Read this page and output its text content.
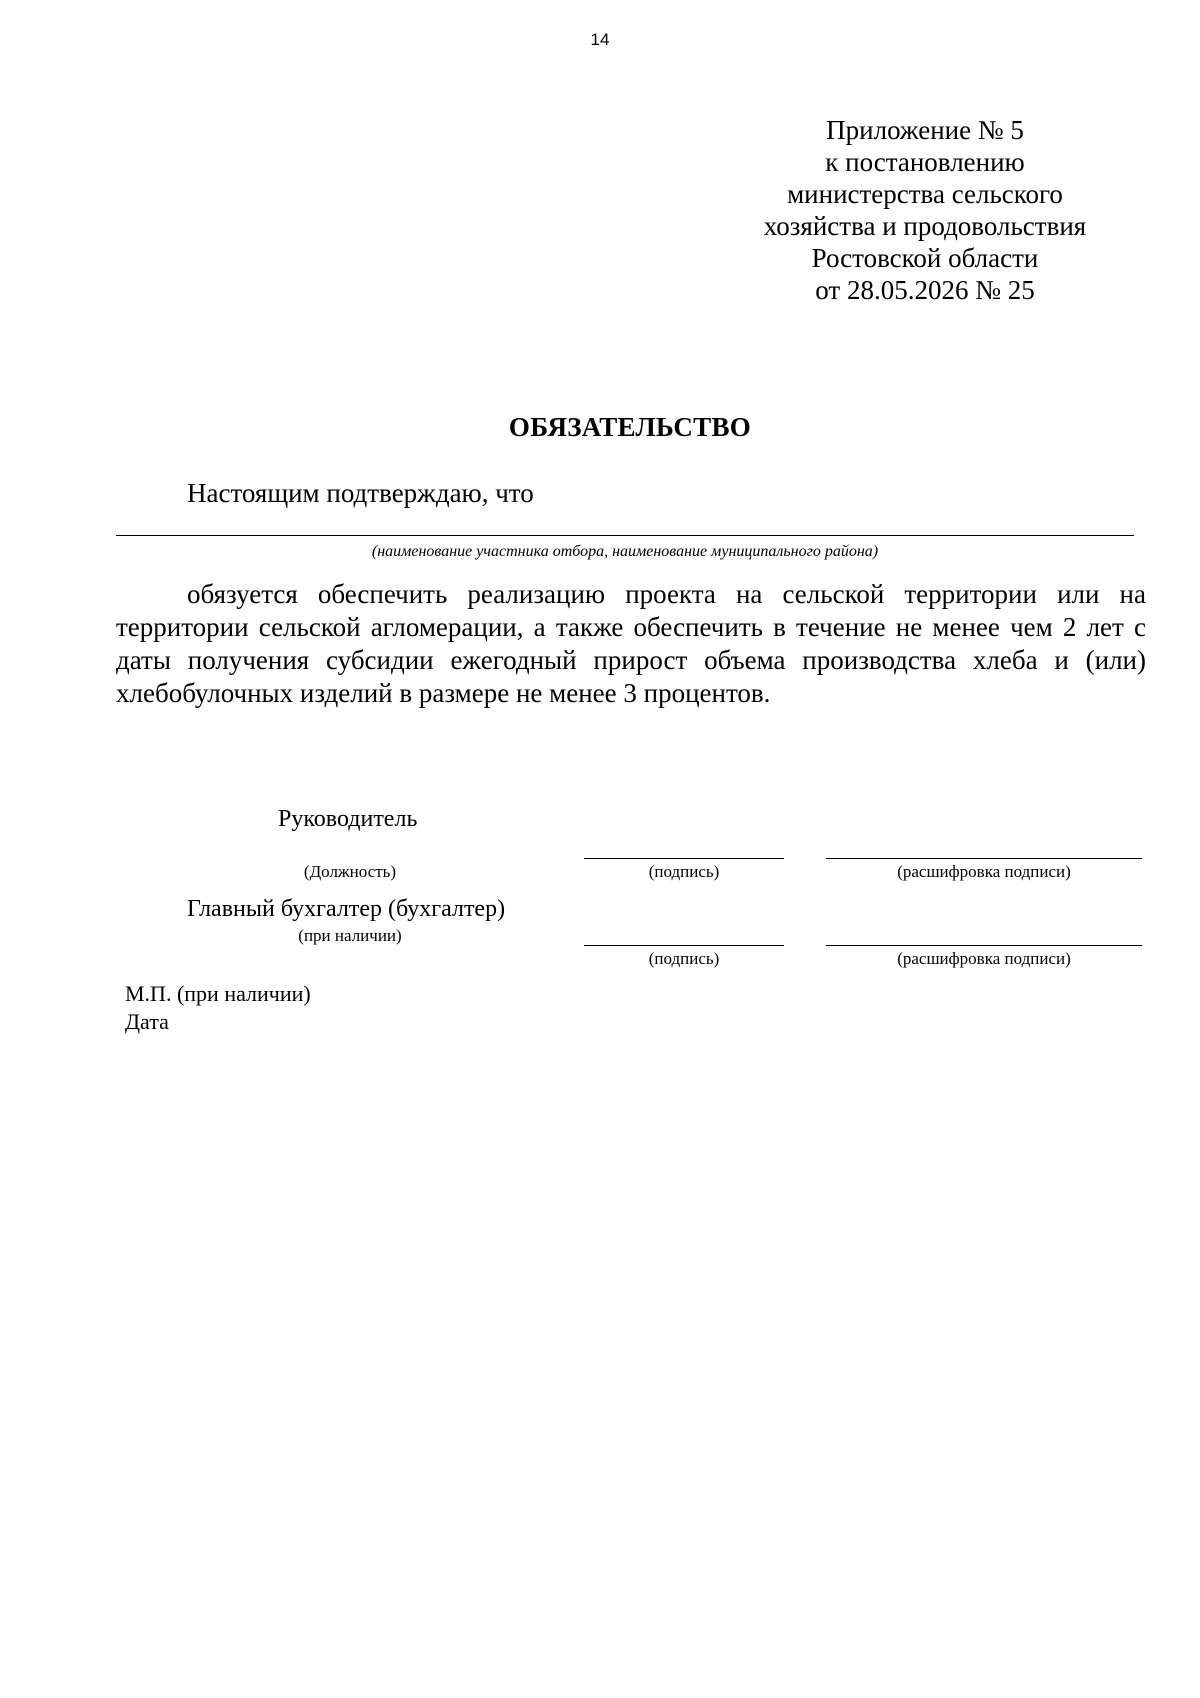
14
Приложение № 5
к постановлению
министерства сельского
хозяйства и продовольствия
Ростовской области
от 28.05.2026 № 25
ОБЯЗАТЕЛЬСТВО
Настоящим подтверждаю, что
(наименование участника отбора, наименование муниципального района)
обязуется обеспечить реализацию проекта на сельской территории или на территории сельской агломерации, а также обеспечить в течение не менее чем 2 лет с даты получения субсидии ежегодный прирост объема производства хлеба и (или) хлебобулочных изделий в размере не менее 3 процентов.
Руководитель
(Должность)	(подпись)	(расшифровка подписи)
Главный бухгалтер (бухгалтер)
(при наличии)
(подпись)	(расшифровка подписи)
М.П. (при наличии)
Дата
